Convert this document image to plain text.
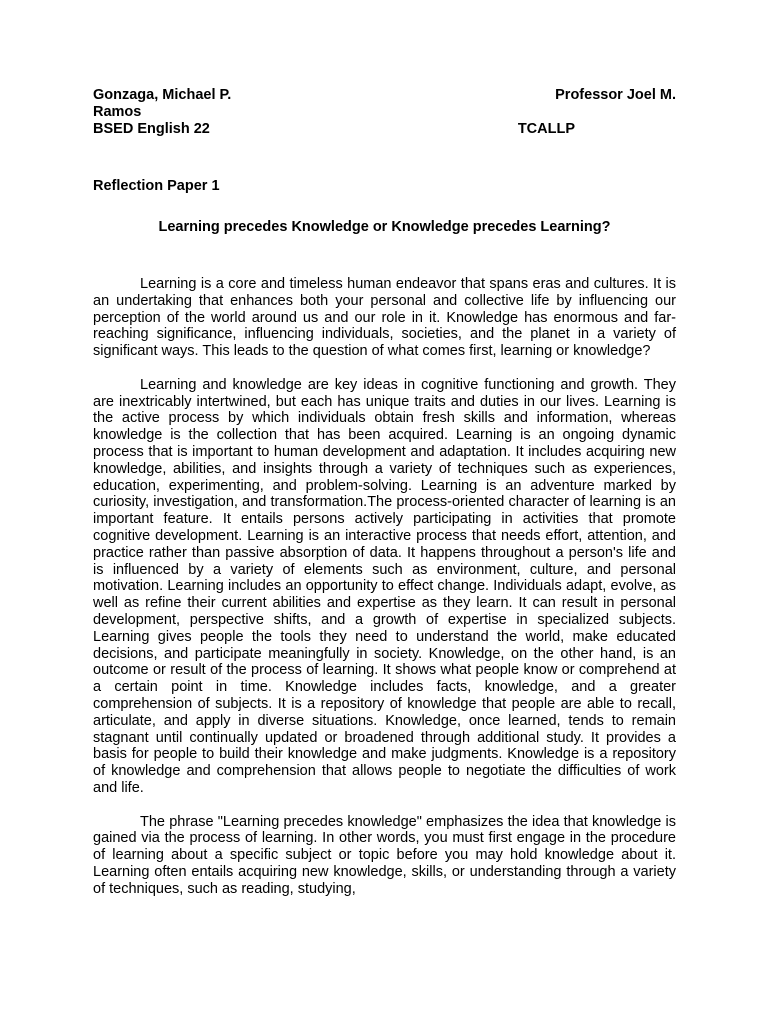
Gonzaga, Michael P.	Professor Joel M.
Ramos
BSED English 22	TCALLP
Reflection Paper 1
Learning precedes Knowledge or Knowledge precedes Learning?

Learning is a core and timeless human endeavor that spans eras and cultures. It is an undertaking that enhances both your personal and collective life by influencing our perception of the world around us and our role in it. Knowledge has enormous and far-reaching significance, influencing individuals, societies, and the planet in a variety of significant ways. This leads to the question of what comes first, learning or knowledge?

Learning and knowledge are key ideas in cognitive functioning and growth. They are inextricably intertwined, but each has unique traits and duties in our lives. Learning is the active process by which individuals obtain fresh skills and information, whereas knowledge is the collection that has been acquired. Learning is an ongoing dynamic process that is important to human development and adaptation. It includes acquiring new knowledge, abilities, and insights through a variety of techniques such as experiences, education, experimenting, and problem-solving. Learning is an adventure marked by curiosity, investigation, and transformation.The process-oriented character of learning is an important feature. It entails persons actively participating in activities that promote cognitive development. Learning is an interactive process that needs effort, attention, and practice rather than passive absorption of data. It happens throughout a person's life and is influenced by a variety of elements such as environment, culture, and personal motivation. Learning includes an opportunity to effect change. Individuals adapt, evolve, as well as refine their current abilities and expertise as they learn. It can result in personal development, perspective shifts, and a growth of expertise in specialized subjects. Learning gives people the tools they need to understand the world, make educated decisions, and participate meaningfully in society. Knowledge, on the other hand, is an outcome or result of the process of learning. It shows what people know or comprehend at a certain point in time. Knowledge includes facts, knowledge, and a greater comprehension of subjects. It is a repository of knowledge that people are able to recall, articulate, and apply in diverse situations. Knowledge, once learned, tends to remain stagnant until continually updated or broadened through additional study. It provides a basis for people to build their knowledge and make judgments. Knowledge is a repository of knowledge and comprehension that allows people to negotiate the difficulties of work and life.

The phrase "Learning precedes knowledge" emphasizes the idea that knowledge is gained via the process of learning. In other words, you must first engage in the procedure of learning about a specific subject or topic before you may hold knowledge about it. Learning often entails acquiring new knowledge, skills, or understanding through a variety of techniques, such as reading, studying,
